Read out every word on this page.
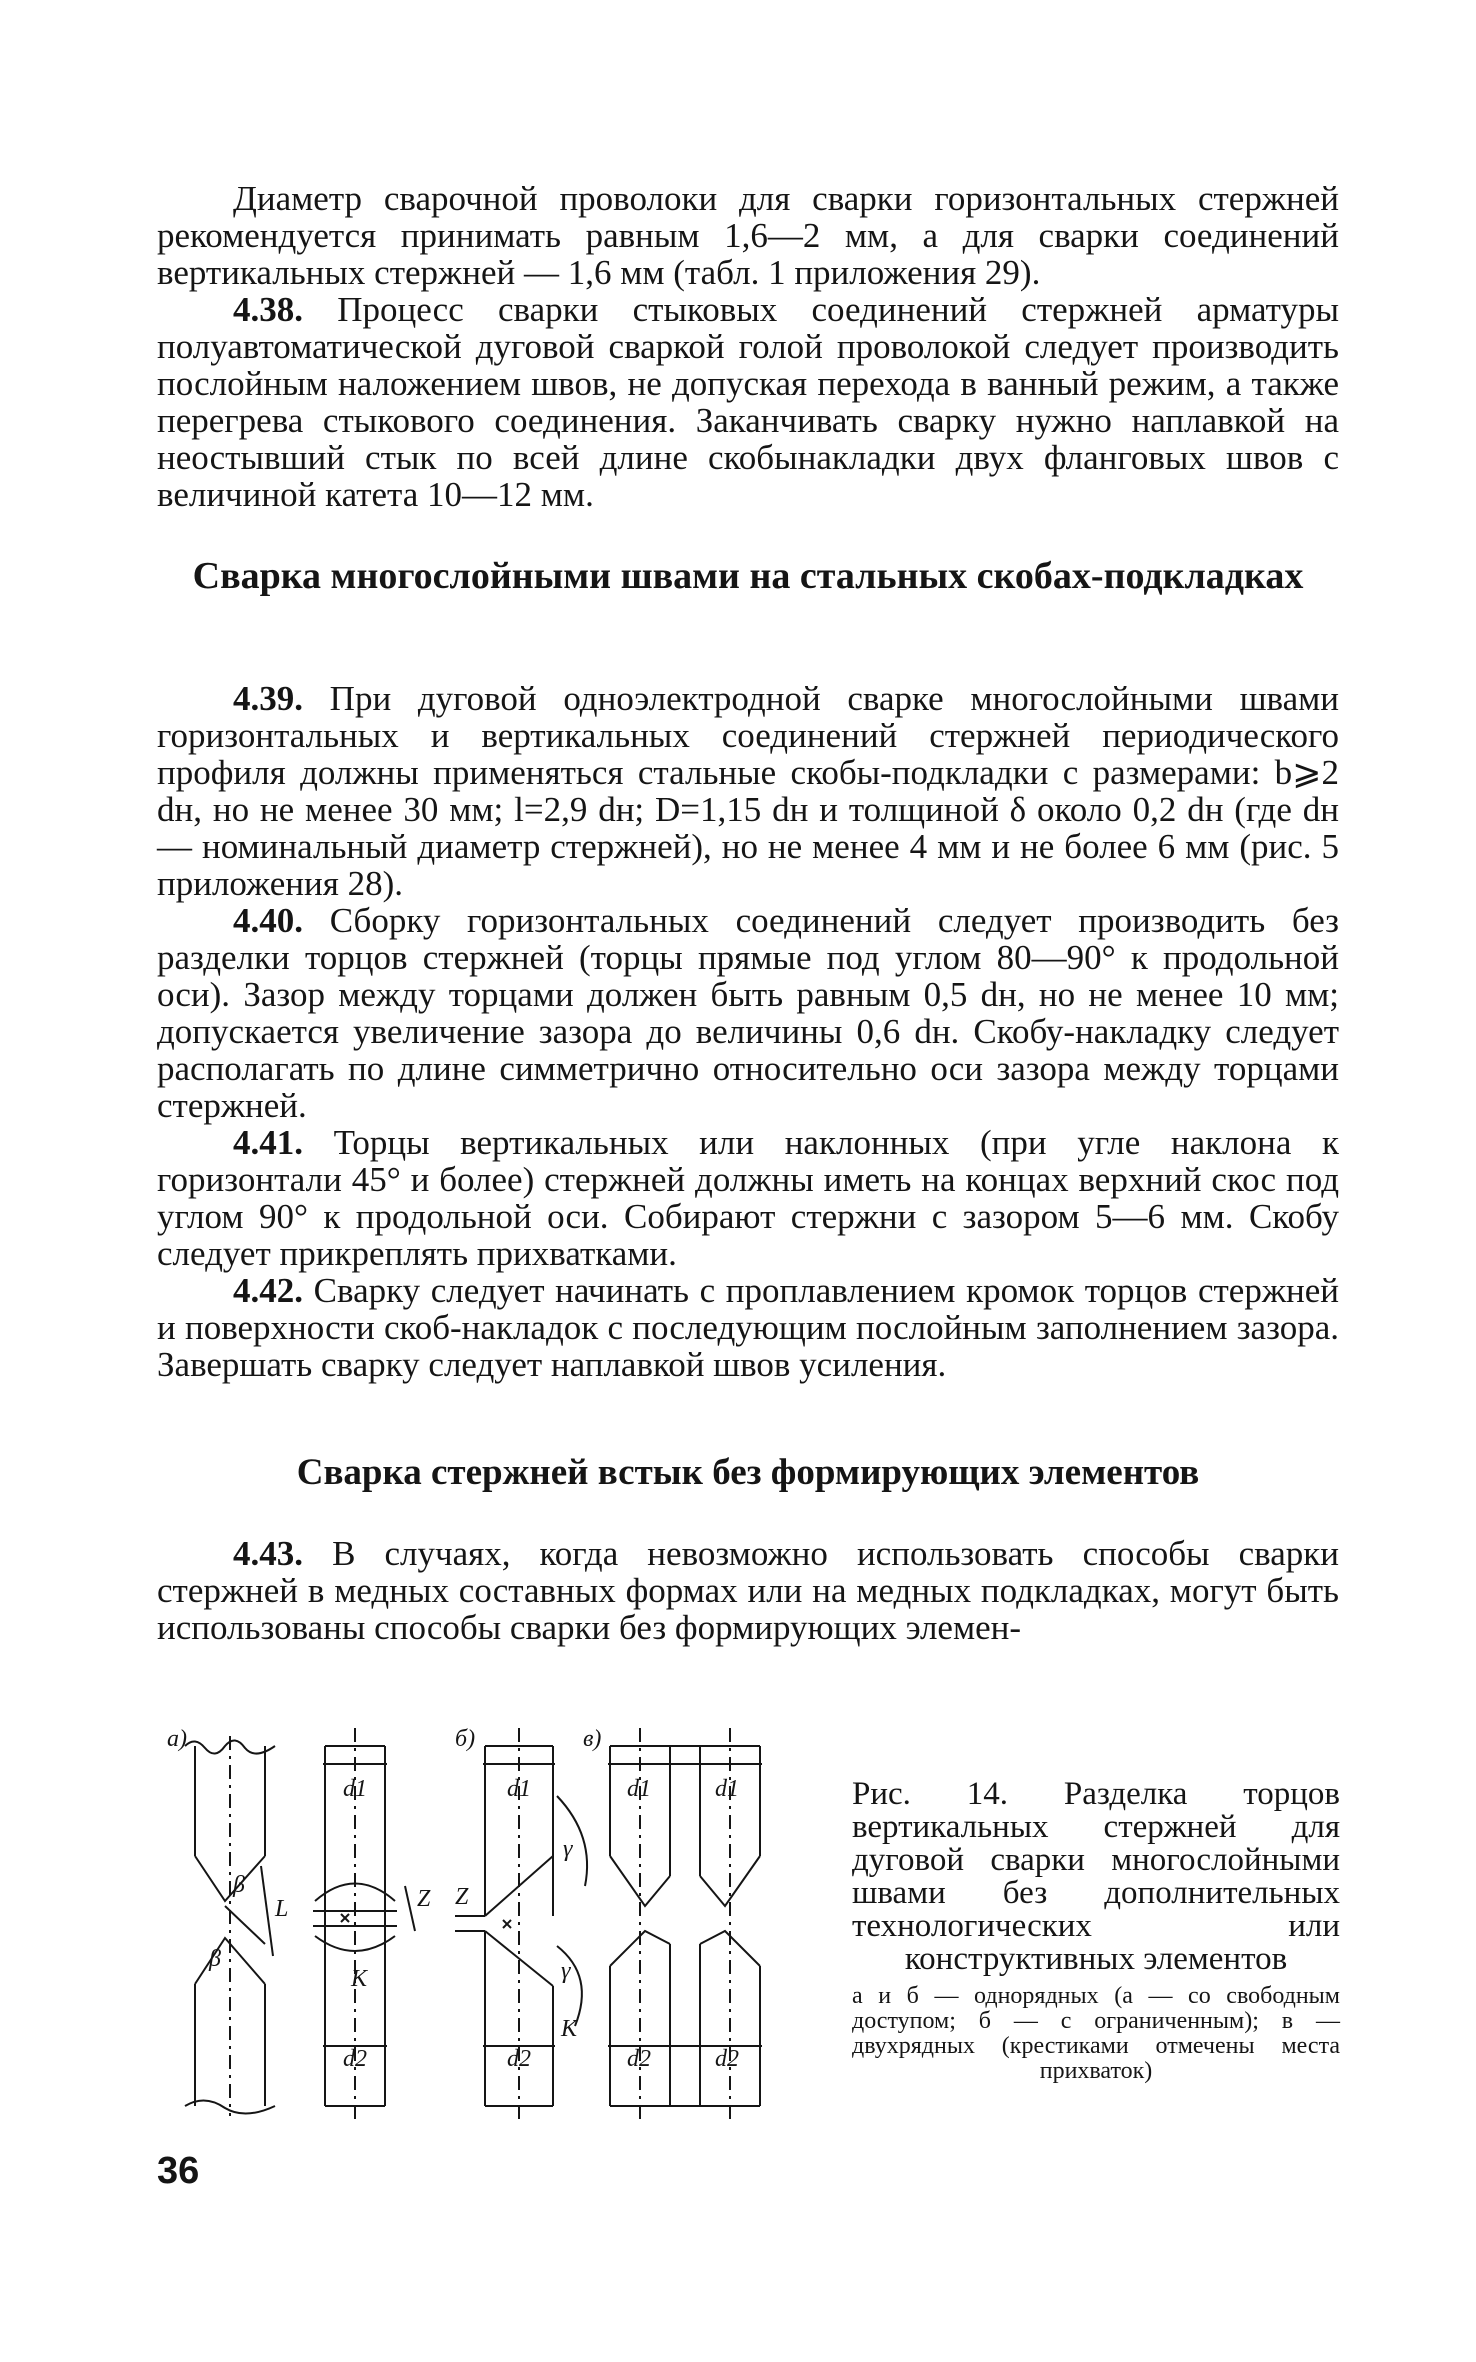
Диаметр сварочной проволоки для сварки горизонтальных стержней рекомендуется принимать равным 1,6—2 мм, а для сварки соединений вертикальных стержней — 1,6 мм (табл. 1 приложения 29).

4.38. Процесс сварки стыковых соединений стержней арматуры полуавтоматической дуговой сваркой голой проволокой следует производить послойным наложением швов, не допуская перехода в ванный режим, а также перегрева стыкового соединения. Заканчивать сварку нужно наплавкой на неостывший стык по всей длине скобынакладки двух фланговых швов с величиной катета 10—12 мм.

Сварка многослойными швами на стальных скобах-подкладках

4.39. При дуговой одноэлектродной сварке многослойными швами горизонтальных и вертикальных соединений стержней периодического профиля должны применяться стальные скобы-подкладки с размерами: b⩾2 dн, но не менее 30 мм; l=2,9 dн; D=1,15 dн и толщиной δ около 0,2 dн (где dн — номинальный диаметр стержней), но не менее 4 мм и не более 6 мм (рис. 5 приложения 28).

4.40. Сборку горизонтальных соединений следует производить без разделки торцов стержней (торцы прямые под углом 80—90° к продольной оси). Зазор между торцами должен быть равным 0,5 dн, но не менее 10 мм; допускается увеличение зазора до величины 0,6 dн. Скобу-накладку следует располагать по длине симметрично относительно оси зазора между торцами стержней.

4.41. Торцы вертикальных или наклонных (при угле наклона к горизонтали 45° и более) стержней должны иметь на концах верхний скос под углом 90° к продольной оси. Собирают стержни с зазором 5—6 мм. Скобу следует прикреплять прихватками.

4.42. Сварку следует начинать с проплавлением кромок торцов стержней и поверхности скоб-накладок с последующим послойным заполнением зазора. Завершать сварку следует наплавкой швов усиления.

Сварка стержней встык без формирующих элементов

4.43. В случаях, когда невозможно использовать способы сварки стержней в медных составных формах или на медных подкладках, могут быть использованы способы сварки без формирующих элемен-

а)	б)	в)
β
β
L
d1
d2
K
Z
d1
d2
γ
γ
K
Z
d1	d1
d2	d2
Рис. 14. Разделка торцов вертикальных стержней для дуговой сварки многослойными швами без дополнительных технологических или конструктивных элементов
а и б — однорядных (а — со свободным доступом; б — с ограниченным); в — двухрядных (крестиками отмечены места прихваток)
36
